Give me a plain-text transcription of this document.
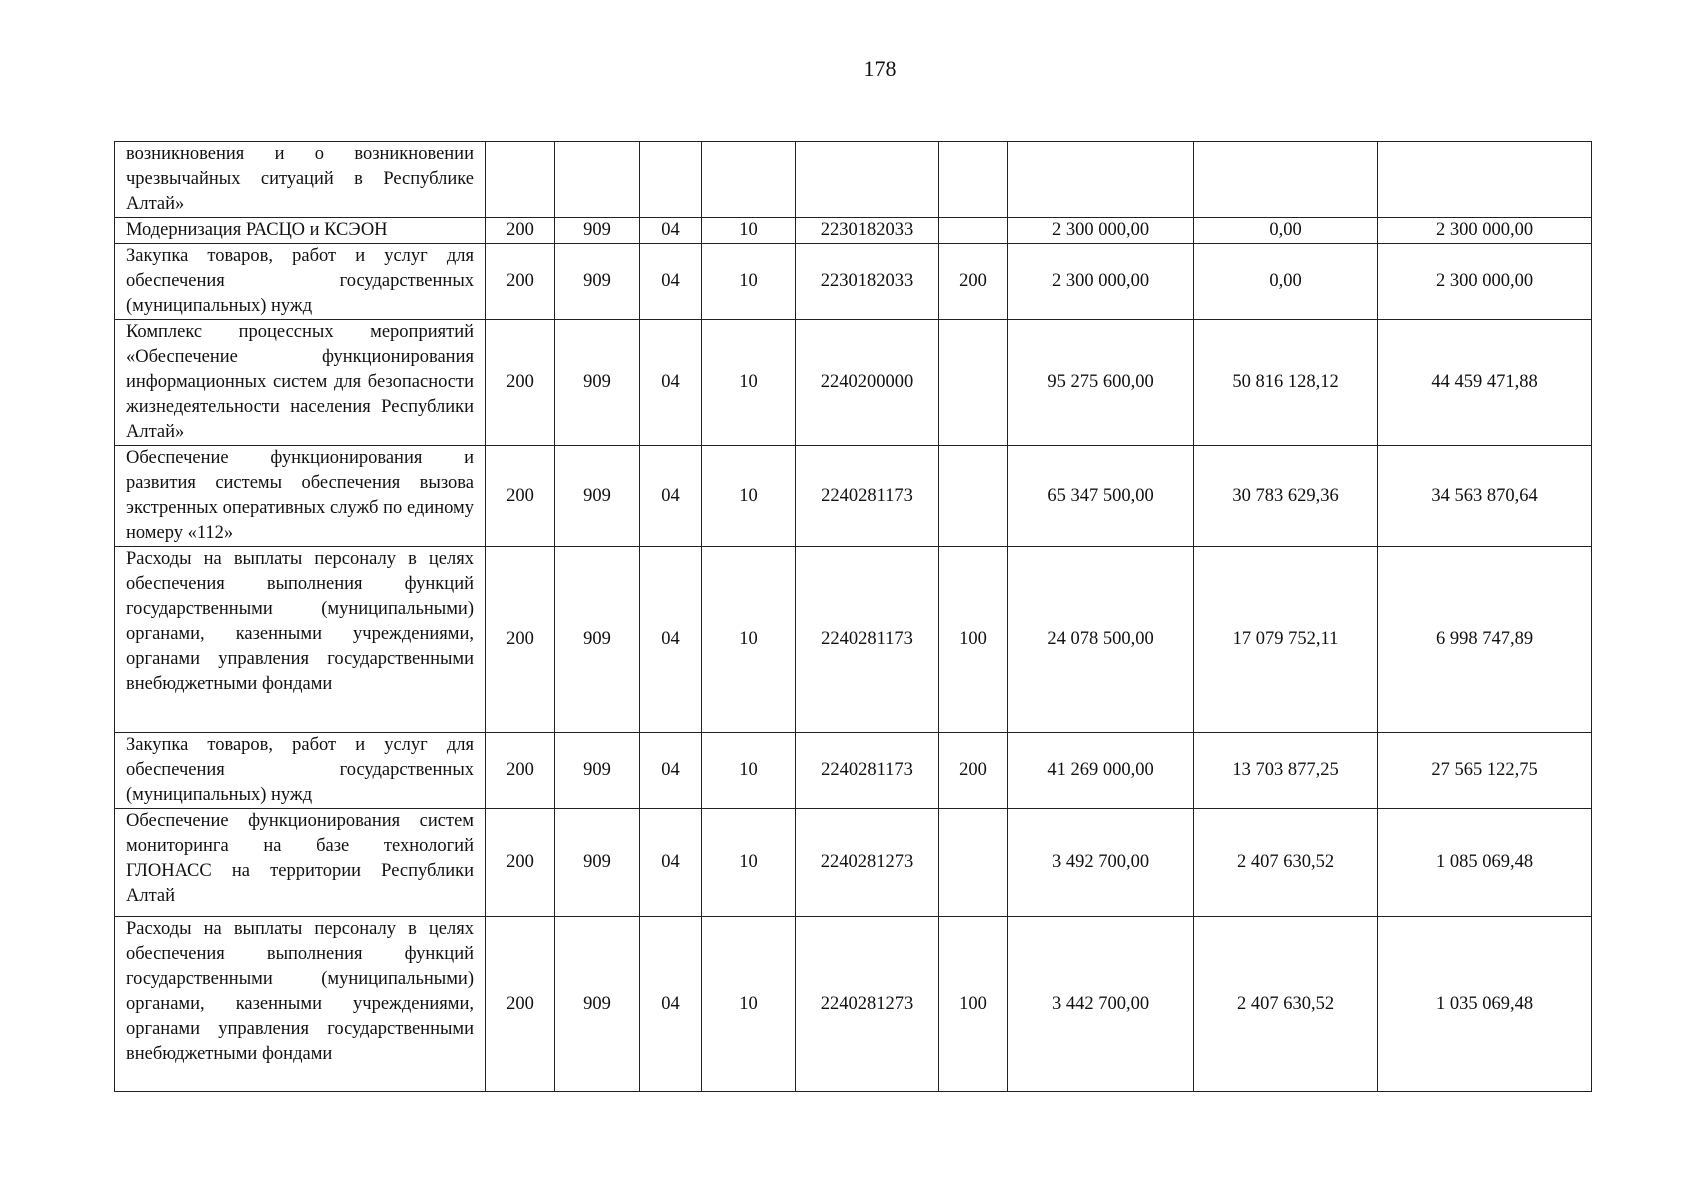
178
возникновения и о возникновении чрезвычайных ситуаций в Республике Алтай»									
Модернизация РАСЦО и КСЭОН	200	909	04	10	2230182033		2 300 000,00	0,00	2 300 000,00
Закупка товаров, работ и услуг для обеспечения государственных (муниципальных) нужд	200	909	04	10	2230182033	200	2 300 000,00	0,00	2 300 000,00
Комплекс процессных мероприятий «Обеспечение функционирования информационных систем для безопасности жизнедеятельности населения Республики Алтай»	200	909	04	10	2240200000		95 275 600,00	50 816 128,12	44 459 471,88
Обеспечение функционирования и развития системы обеспечения вызова экстренных оперативных служб по единому номеру «112»	200	909	04	10	2240281173		65 347 500,00	30 783 629,36	34 563 870,64
Расходы на выплаты персоналу в целях обеспечения выполнения функций государственными (муниципальными) органами, казенными учреждениями, органами управления государственными внебюджетными фондами	200	909	04	10	2240281173	100	24 078 500,00	17 079 752,11	6 998 747,89
Закупка товаров, работ и услуг для обеспечения государственных (муниципальных) нужд	200	909	04	10	2240281173	200	41 269 000,00	13 703 877,25	27 565 122,75
Обеспечение функционирования систем мониторинга на базе технологий ГЛОНАСС на территории Республики Алтай	200	909	04	10	2240281273		3 492 700,00	2 407 630,52	1 085 069,48
Расходы на выплаты персоналу в целях обеспечения выполнения функций государственными (муниципальными) органами, казенными учреждениями, органами управления государственными внебюджетными фондами	200	909	04	10	2240281273	100	3 442 700,00	2 407 630,52	1 035 069,48
